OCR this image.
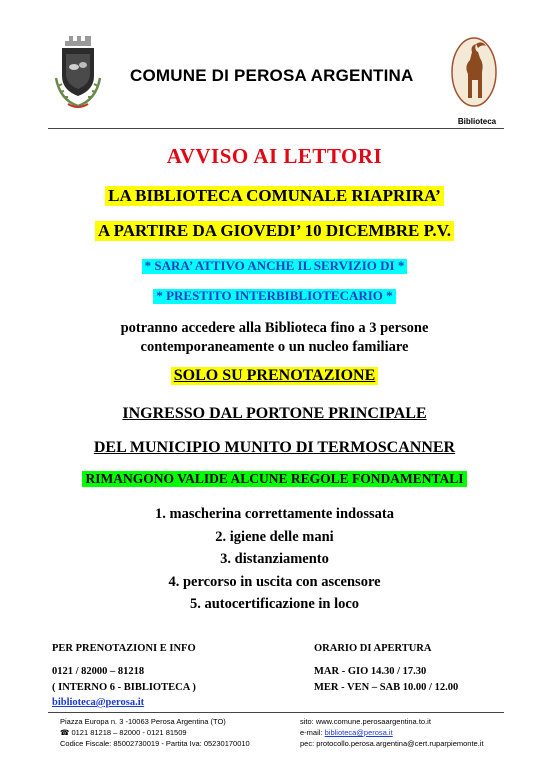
COMUNE DI PEROSA ARGENTINA
Biblioteca
AVVISO AI LETTORI
LA BIBLIOTECA COMUNALE RIAPRIRA’
A PARTIRE DA GIOVEDI’ 10 DICEMBRE P.V.
* SARA’ ATTIVO ANCHE IL SERVIZIO DI *
* PRESTITO INTERBIBLIOTECARIO *
potranno accedere alla Biblioteca fino a 3 persone
contemporaneamente o un nucleo familiare
SOLO SU PRENOTAZIONE
INGRESSO DAL PORTONE PRINCIPALE
DEL MUNICIPIO MUNITO DI TERMOSCANNER
RIMANGONO VALIDE ALCUNE REGOLE FONDAMENTALI
1. mascherina correttamente indossata
2. igiene delle mani
3. distanziamento
4. percorso in uscita con ascensore
5. autocertificazione in loco
PER PRENOTAZIONI E INFO
0121 / 82000 – 81218
( INTERNO 6 - BIBLIOTECA )
biblioteca@perosa.it
ORARIO DI APERTURA
MAR - GIO 14.30 / 17.30
MER - VEN – SAB 10.00 / 12.00
Piazza Europa n. 3 -10063 Perosa Argentina (TO)
☎ 0121 81218 – 82000 - 0121 81509
Codice Fiscale: 85002730019 - Partita Iva: 05230170010
sito: www.comune.perosaargentina.to.it
e-mail: biblioteca@perosa.it
pec: protocollo.perosa.argentina@cert.ruparpiemonte.it
